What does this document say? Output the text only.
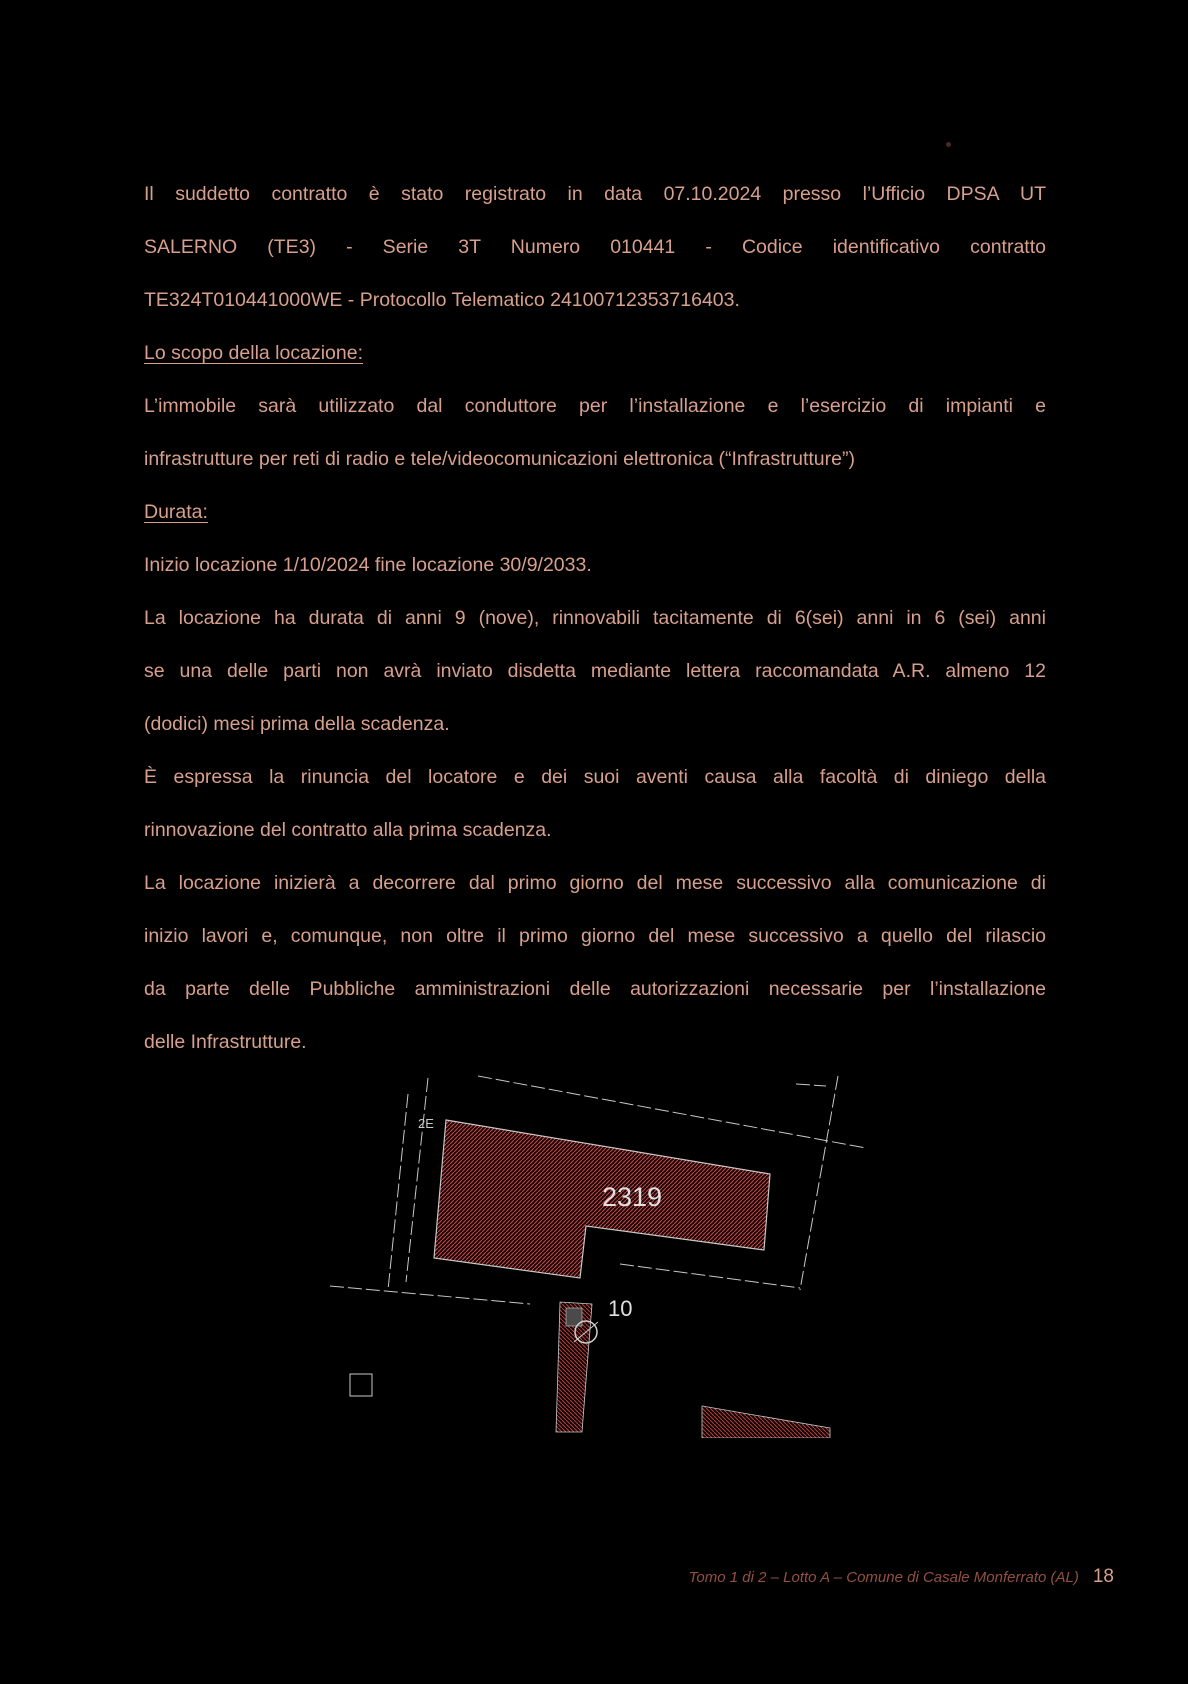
Il suddetto contratto è stato registrato in data 07.10.2024 presso l’Ufficio DPSA UT

SALERNO (TE3) - Serie 3T Numero 010441 - Codice identificativo contratto

TE324T010441000WE - Protocollo Telematico 24100712353716403.

Lo scopo della locazione:

L’immobile sarà utilizzato dal conduttore per l’installazione e l’esercizio di impianti e

infrastrutture per reti di radio e tele/videocomunicazioni elettronica (“Infrastrutture”)

Durata:

Inizio locazione 1/10/2024 fine locazione 30/9/2033.

La locazione ha durata di anni 9 (nove), rinnovabili tacitamente di 6(sei) anni in 6 (sei) anni

se una delle parti non avrà inviato disdetta mediante lettera raccomandata A.R. almeno 12

(dodici) mesi prima della scadenza.

È espressa la rinuncia del locatore e dei suoi aventi causa alla facoltà di diniego della

rinnovazione del contratto alla prima scadenza.

La locazione inizierà a decorrere dal primo giorno del mese successivo alla comunicazione di

inizio lavori e, comunque, non oltre il primo giorno del mese successivo a quello del rilascio

da parte delle Pubbliche amministrazioni delle autorizzazioni necessarie per l’installazione

delle Infrastrutture.

2319
10
2E
Tomo 1 di 2 – Lotto A – Comune di Casale Monferrato (AL) 18
